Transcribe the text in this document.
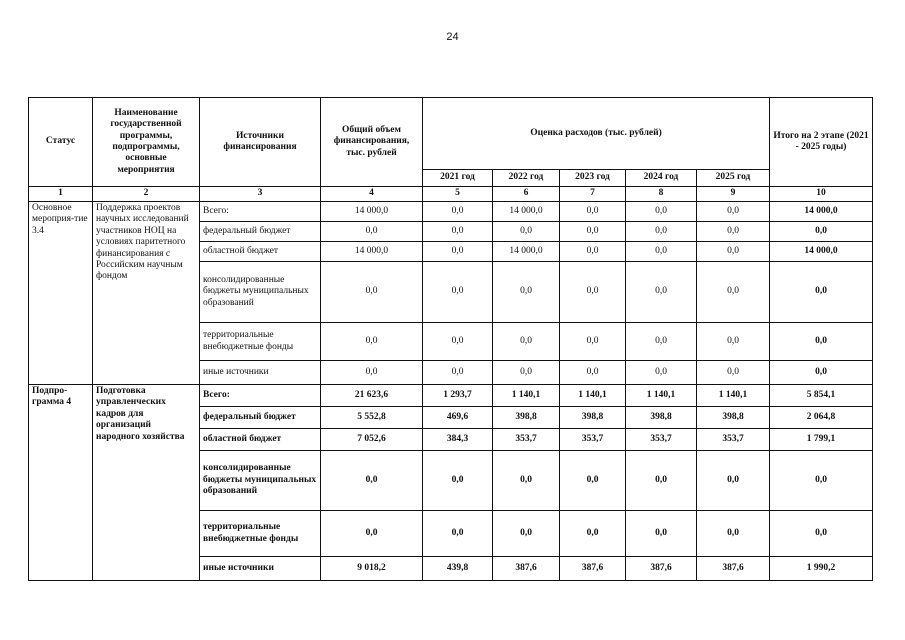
24
Статус	Наименование государственной программы, подпрограммы, основные мероприятия	Источники финансирования	Общий объем финансирования, тыс. рублей	Оценка расходов (тыс. рублей)					Итого на 2 этапе (2021 - 2025 годы)
				2021 год	2022 год	2023 год	2024 год	2025 год	
1	2	3	4	5	6	7	8	9	10
Основное мероприя-тие 3.4	Поддержка проектов научных исследований участников НОЦ на условиях паритетного финансирования с Российским научным фондом	Всего:	14 000,0	0,0	14 000,0	0,0	0,0	0,0	14 000,0
		федеральный бюджет	0,0	0,0	0,0	0,0	0,0	0,0	0,0
		областной бюджет	14 000,0	0,0	14 000,0	0,0	0,0	0,0	14 000,0
		консолидированные бюджеты муниципальных образований	0,0	0,0	0,0	0,0	0,0	0,0	0,0
		территориальные внебюджетные фонды	0,0	0,0	0,0	0,0	0,0	0,0	0,0
		иные источники	0,0	0,0	0,0	0,0	0,0	0,0	0,0
Подпро-грамма 4	Подготовка управленческих кадров для организаций народного хозяйства	Всего:	21 623,6	1 293,7	1 140,1	1 140,1	1 140,1	1 140,1	5 854,1
		федеральный бюджет	5 552,8	469,6	398,8	398,8	398,8	398,8	2 064,8
		областной бюджет	7 052,6	384,3	353,7	353,7	353,7	353,7	1 799,1
		консолидированные бюджеты муниципальных образований	0,0	0,0	0,0	0,0	0,0	0,0	0,0
		территориальные внебюджетные фонды	0,0	0,0	0,0	0,0	0,0	0,0	0,0
		иные источники	9 018,2	439,8	387,6	387,6	387,6	387,6	1 990,2
